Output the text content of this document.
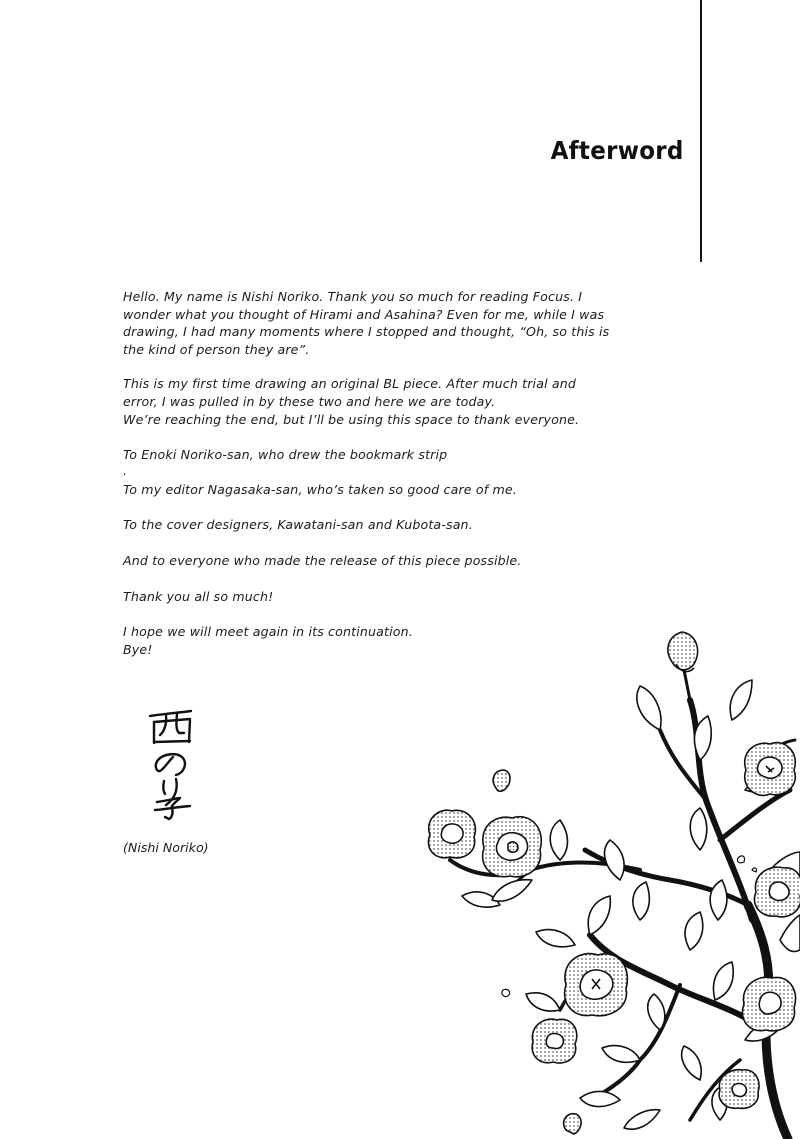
Afterword

Hello. My name is Nishi Noriko. Thank you so much for reading Focus. I
wonder what you thought of Hirami and Asahina? Even for me, while I was
drawing, I had many moments where I stopped and thought, “Oh, so this is
the kind of person they are”.

This is my first time drawing an original BL piece. After much trial and
error, I was pulled in by these two and here we are today.
We’re reaching the end, but I’ll be using this space to thank everyone.

To Enoki Noriko-san, who drew the bookmark strip

.

To my editor Nagasaka-san, who’s taken so good care of me.

To the cover designers, Kawatani-san and Kubota-san.

And to everyone who made the release of this piece possible.

Thank you all so much!

I hope we will meet again in its continuation.
Bye!

(Nishi Noriko)
